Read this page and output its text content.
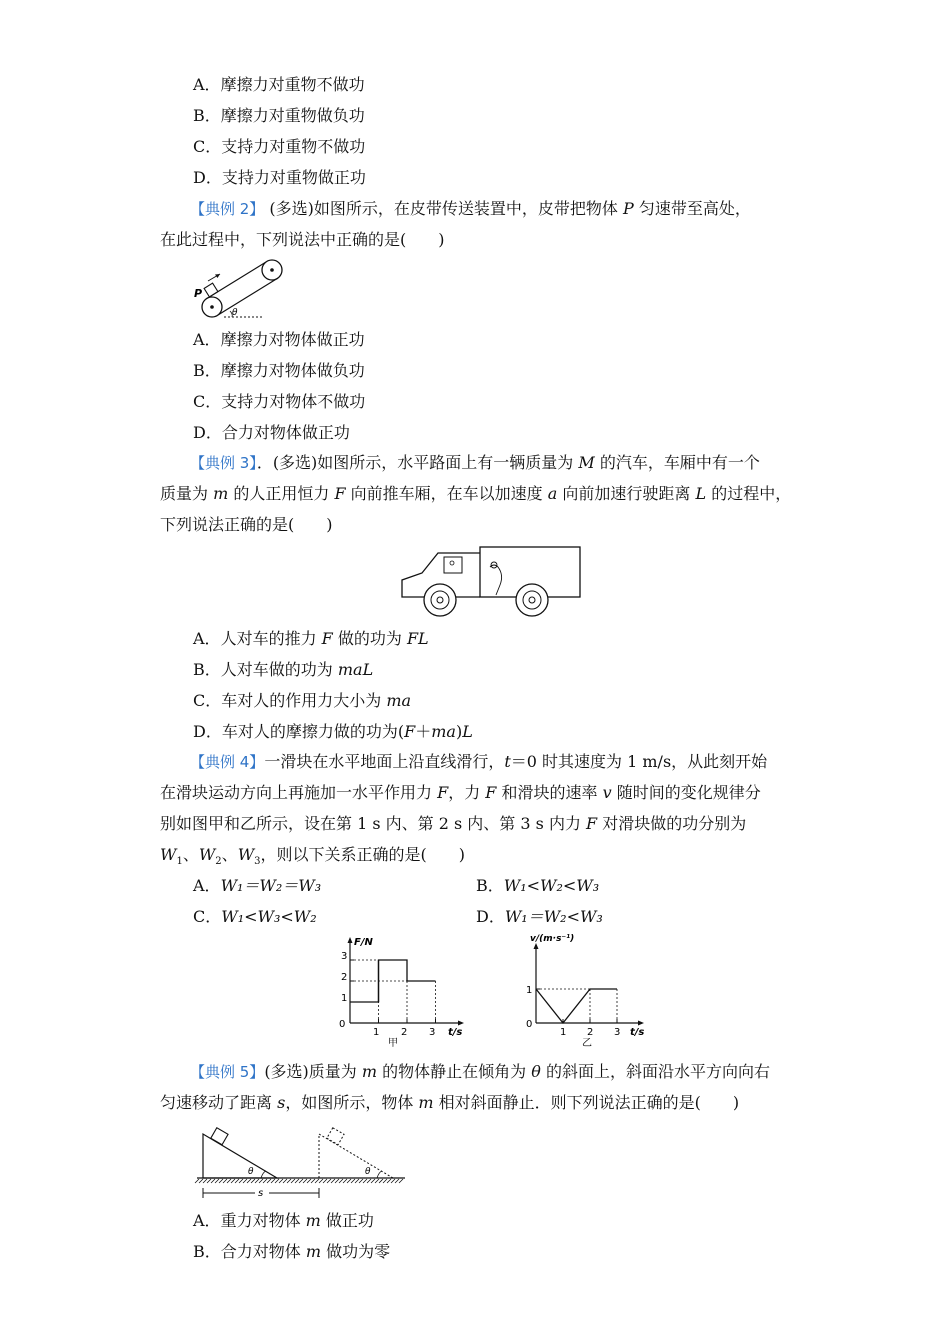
A．摩擦力对重物不做功
B．摩擦力对重物做负功
C．支持力对重物不做功
D．支持力对重物做正功
【典例 2】 (多选)如图所示，在皮带传送装置中，皮带把物体 P 匀速带至高处，
在此过程中，下列说法中正确的是(　　)
θ
P
A．摩擦力对物体做正功
B．摩擦力对物体做负功
C．支持力对物体不做功
D．合力对物体做正功
【典例 3】．(多选)如图所示，水平路面上有一辆质量为 M 的汽车，车厢中有一个
质量为 m 的人正用恒力 F 向前推车厢，在车以加速度 a 向前加速行驶距离 L 的过程中，
下列说法正确的是(　　)
A．人对车的推力 F 做的功为 FL
B．人对车做的功为 maL
C．车对人的作用力大小为 ma
D．车对人的摩擦力做的功为(F＋ma)L
【典例 4】一滑块在水平地面上沿直线滑行，t＝0 时其速度为 1 m/s，从此刻开始
在滑块运动方向上再施加一水平作用力 F，力 F 和滑块的速率 v 随时间的变化规律分
别如图甲和乙所示，设在第 1 s 内、第 2 s 内、第 3 s 内力 F 对滑块做的功分别为
$W_1$、$W_2$、$W_3$，则以下关系正确的是(　　)
A．W₁＝W₂＝W₃	B．W₁<W₂<W₃
C．W₁<W₃<W₂	D．W₁＝W₂<W₃
F/N
t/s
0
1
2
3
1 2 3
甲
v/(m·s⁻¹)
t/s
0
1
1 2 3
乙
【典例 5】(多选)质量为 m 的物体静止在倾角为 θ 的斜面上，斜面沿水平方向向右
匀速移动了距离 s，如图所示，物体 m 相对斜面静止．则下列说法正确的是(　　)
θ	θ
s
A．重力对物体 m 做正功
B．合力对物体 m 做功为零
